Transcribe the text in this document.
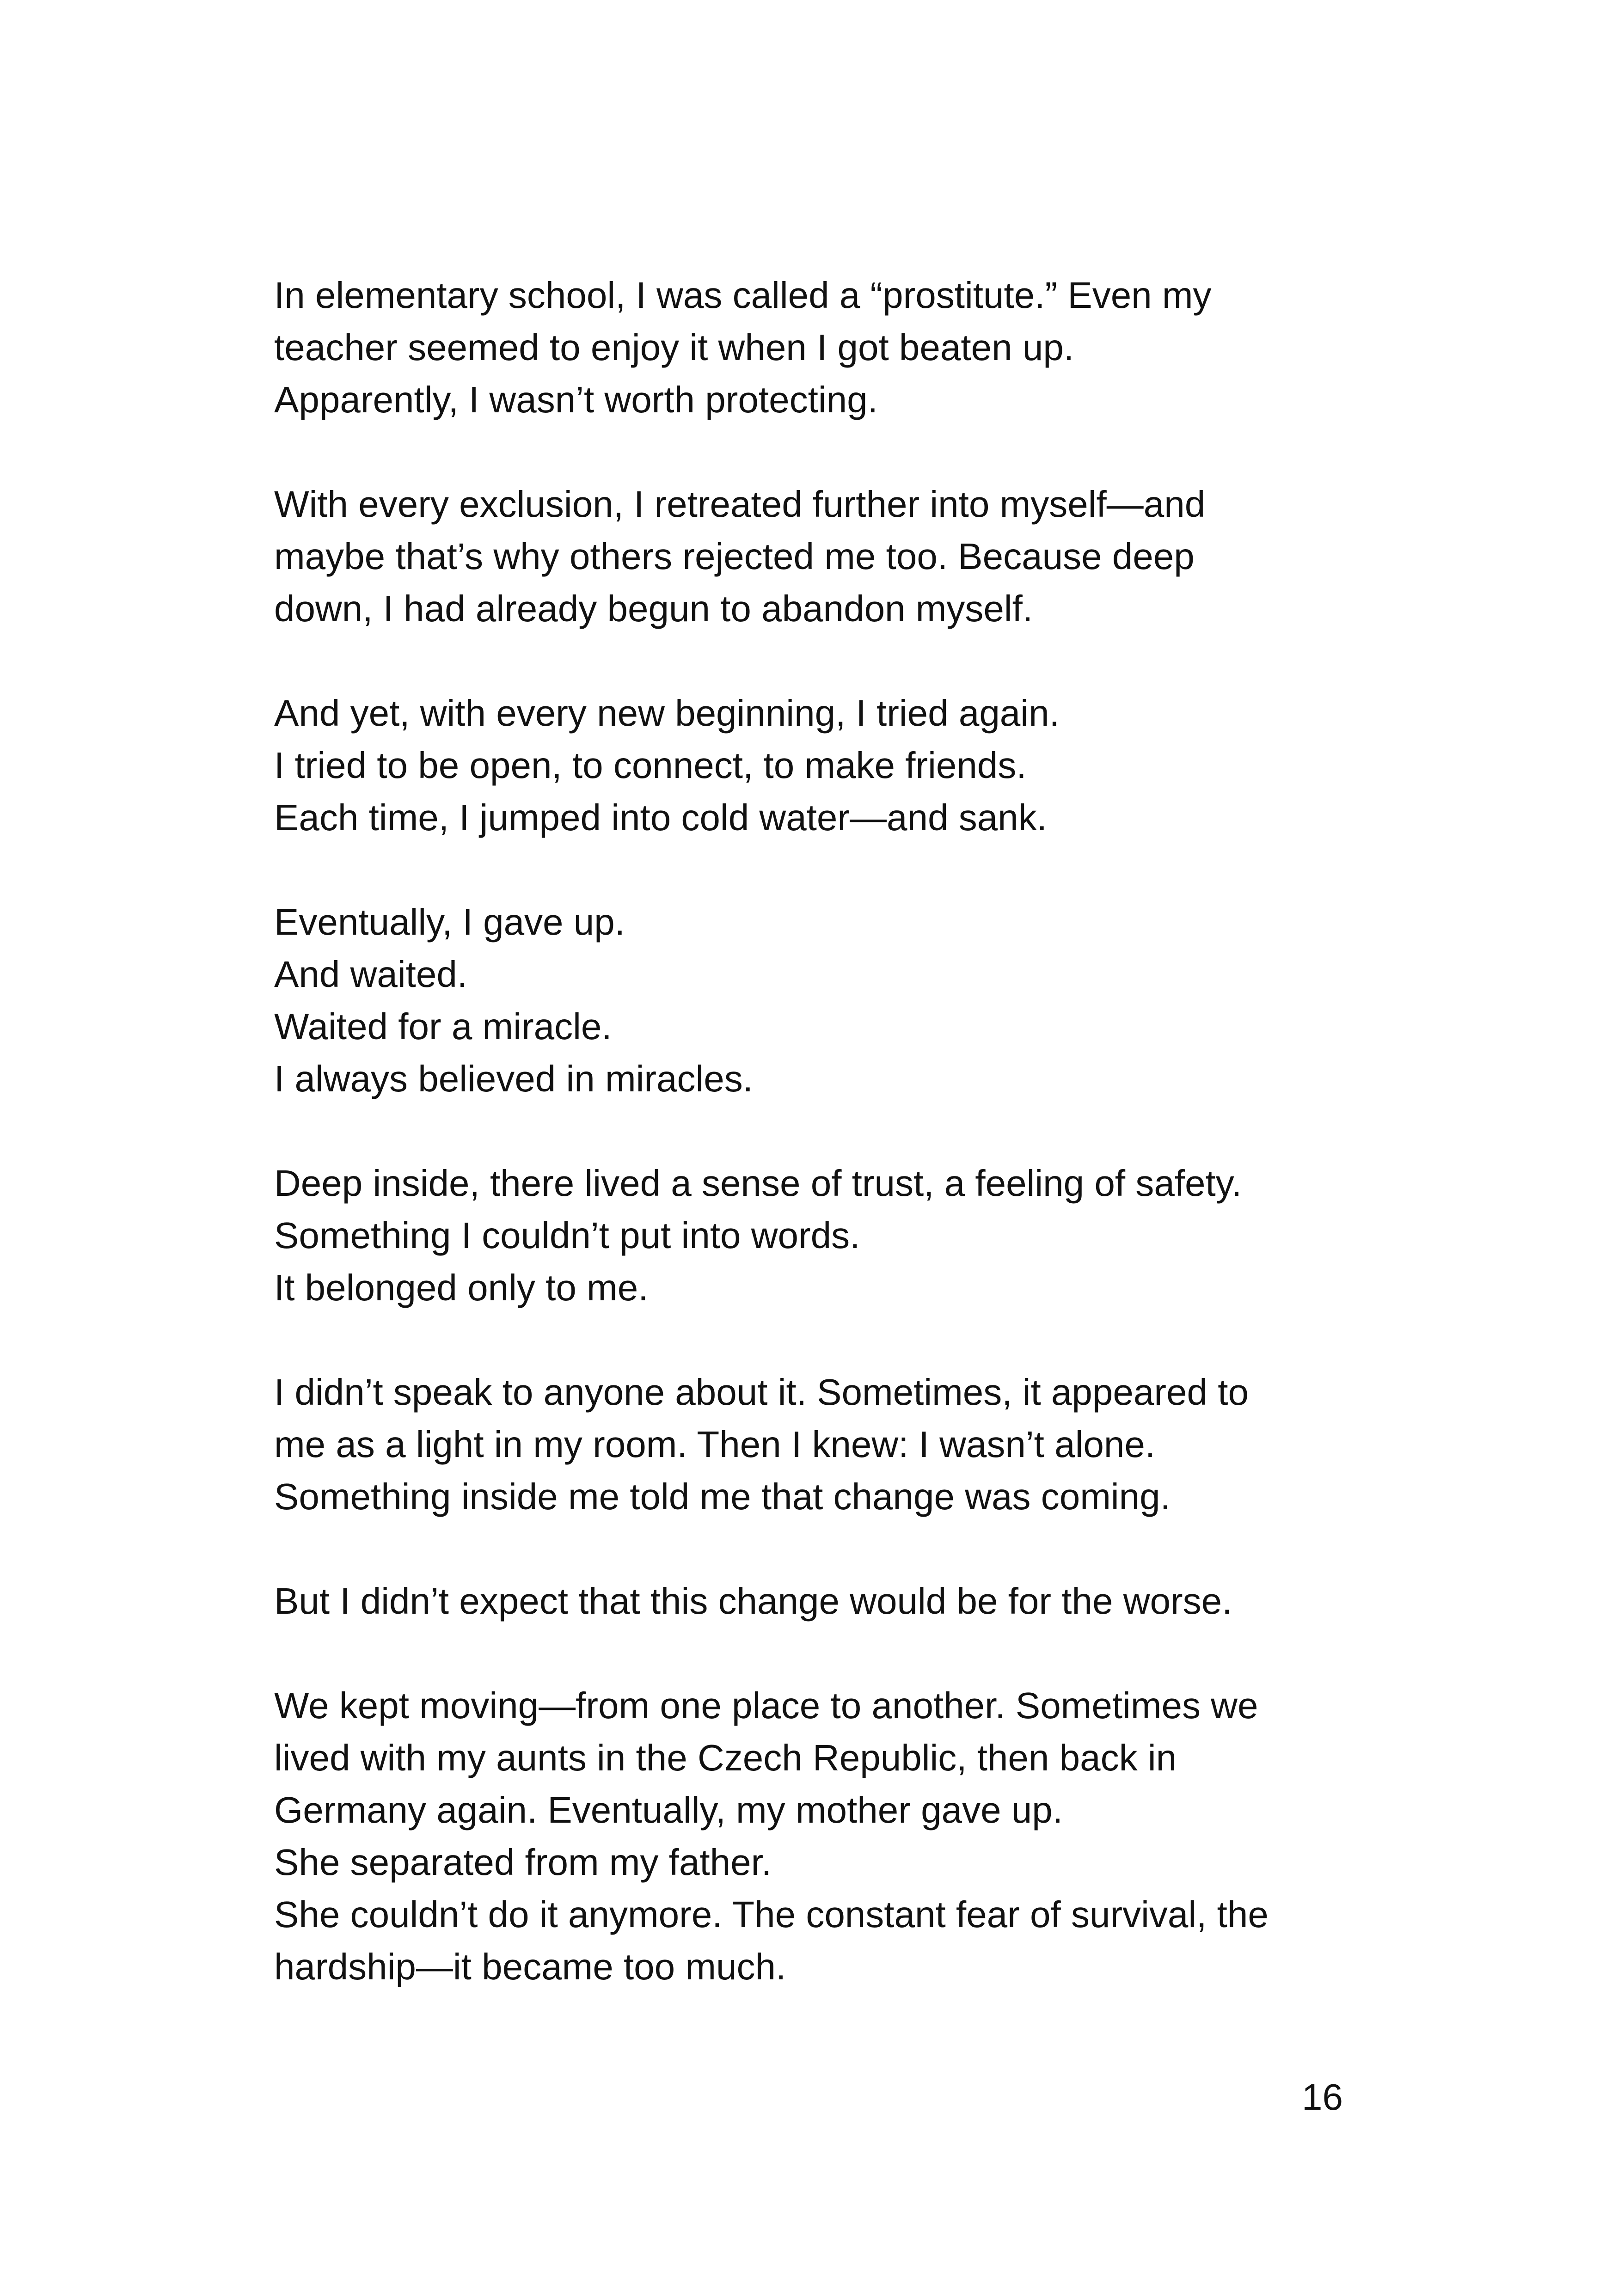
In elementary school, I was called a “prostitute.” Even my
teacher seemed to enjoy it when I got beaten up.
Apparently, I wasn’t worth protecting.

With every exclusion, I retreated further into myself—and
maybe that’s why others rejected me too. Because deep
down, I had already begun to abandon myself.

And yet, with every new beginning, I tried again.
I tried to be open, to connect, to make friends.
Each time, I jumped into cold water—and sank.

Eventually, I gave up.
And waited.
Waited for a miracle.
I always believed in miracles.

Deep inside, there lived a sense of trust, a feeling of safety.
Something I couldn’t put into words.
It belonged only to me.

I didn’t speak to anyone about it. Sometimes, it appeared to
me as a light in my room. Then I knew: I wasn’t alone.
Something inside me told me that change was coming.

But I didn’t expect that this change would be for the worse.

We kept moving—from one place to another. Sometimes we
lived with my aunts in the Czech Republic, then back in
Germany again. Eventually, my mother gave up.
She separated from my father.
She couldn’t do it anymore. The constant fear of survival, the
hardship—it became too much.

16
